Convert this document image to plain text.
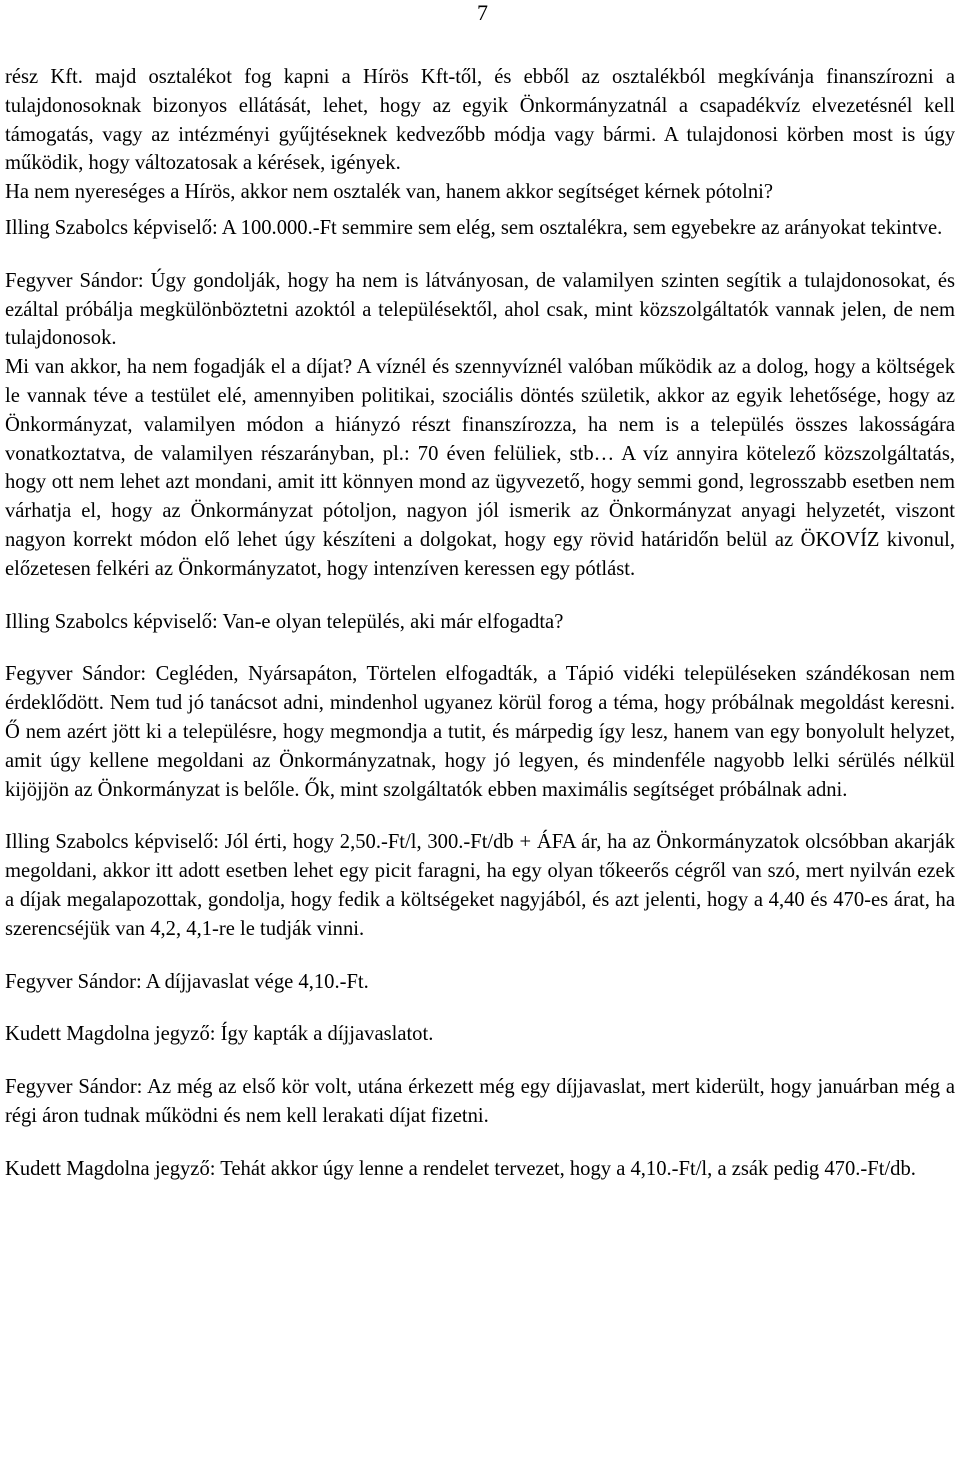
7

rész Kft. majd osztalékot fog kapni a Hírös Kft-től, és ebből az osztalékból megkívánja finanszírozni a tulajdonosoknak bizonyos ellátását, lehet, hogy az egyik Önkormányzatnál a csapadékvíz elvezetésnél kell támogatás, vagy az intézményi gyűjtéseknek kedvezőbb módja vagy bármi. A tulajdonosi körben most is úgy működik, hogy változatosak a kérések, igények.

Ha nem nyereséges a Hírös, akkor nem osztalék van, hanem akkor segítséget kérnek pótolni?

Illing Szabolcs képviselő: A 100.000.-Ft semmire sem elég, sem osztalékra, sem egyebekre az arányokat tekintve.

Fegyver Sándor: Úgy gondolják, hogy ha nem is látványosan, de valamilyen szinten segítik a tulajdonosokat, és ezáltal próbálja megkülönböztetni azoktól a településektől, ahol csak, mint közszolgáltatók vannak jelen, de nem tulajdonosok.

Mi van akkor, ha nem fogadják el a díjat? A víznél és szennyvíznél valóban működik az a dolog, hogy a költségek le vannak téve a testület elé, amennyiben politikai, szociális döntés születik, akkor az egyik lehetősége, hogy az Önkormányzat, valamilyen módon a hiányzó részt finanszírozza, ha nem is a település összes lakosságára vonatkoztatva, de valamilyen részarányban, pl.: 70 éven felüliek, stb… A víz annyira kötelező közszolgáltatás, hogy ott nem lehet azt mondani, amit itt könnyen mond az ügyvezető, hogy semmi gond, legrosszabb esetben nem várhatja el, hogy az Önkormányzat pótoljon, nagyon jól ismerik az Önkormányzat anyagi helyzetét, viszont nagyon korrekt módon elő lehet úgy készíteni a dolgokat, hogy egy rövid határidőn belül az ÖKOVÍZ kivonul, előzetesen felkéri az Önkormányzatot, hogy intenzíven keressen egy pótlást.

Illing Szabolcs képviselő: Van-e olyan település, aki már elfogadta?

Fegyver Sándor: Cegléden, Nyársapáton, Törtelen elfogadták, a Tápió vidéki településeken szándékosan nem érdeklődött. Nem tud jó tanácsot adni, mindenhol ugyanez körül forog a téma, hogy próbálnak megoldást keresni. Ő nem azért jött ki a településre, hogy megmondja a tutit, és márpedig így lesz, hanem van egy bonyolult helyzet, amit úgy kellene megoldani az Önkormányzatnak, hogy jó legyen, és mindenféle nagyobb lelki sérülés nélkül kijöjjön az Önkormányzat is belőle. Ők, mint szolgáltatók ebben maximális segítséget próbálnak adni.

Illing Szabolcs képviselő: Jól érti, hogy 2,50.-Ft/l, 300.-Ft/db + ÁFA ár, ha az Önkormányzatok olcsóbban akarják megoldani, akkor itt adott esetben lehet egy picit faragni, ha egy olyan tőkeerős cégről van szó, mert nyilván ezek a díjak megalapozottak, gondolja, hogy fedik a költségeket nagyjából, és azt jelenti, hogy a 4,40 és 470-es árat, ha szerencséjük van 4,2, 4,1-re le tudják vinni.

Fegyver Sándor: A díjjavaslat vége 4,10.-Ft.

Kudett Magdolna jegyző: Így kapták a díjjavaslatot.

Fegyver Sándor: Az még az első kör volt, utána érkezett még egy díjjavaslat, mert kiderült, hogy januárban még a régi áron tudnak működni és nem kell lerakati díjat fizetni.

Kudett Magdolna jegyző: Tehát akkor úgy lenne a rendelet tervezet, hogy a 4,10.-Ft/l, a zsák pedig 470.-Ft/db.
